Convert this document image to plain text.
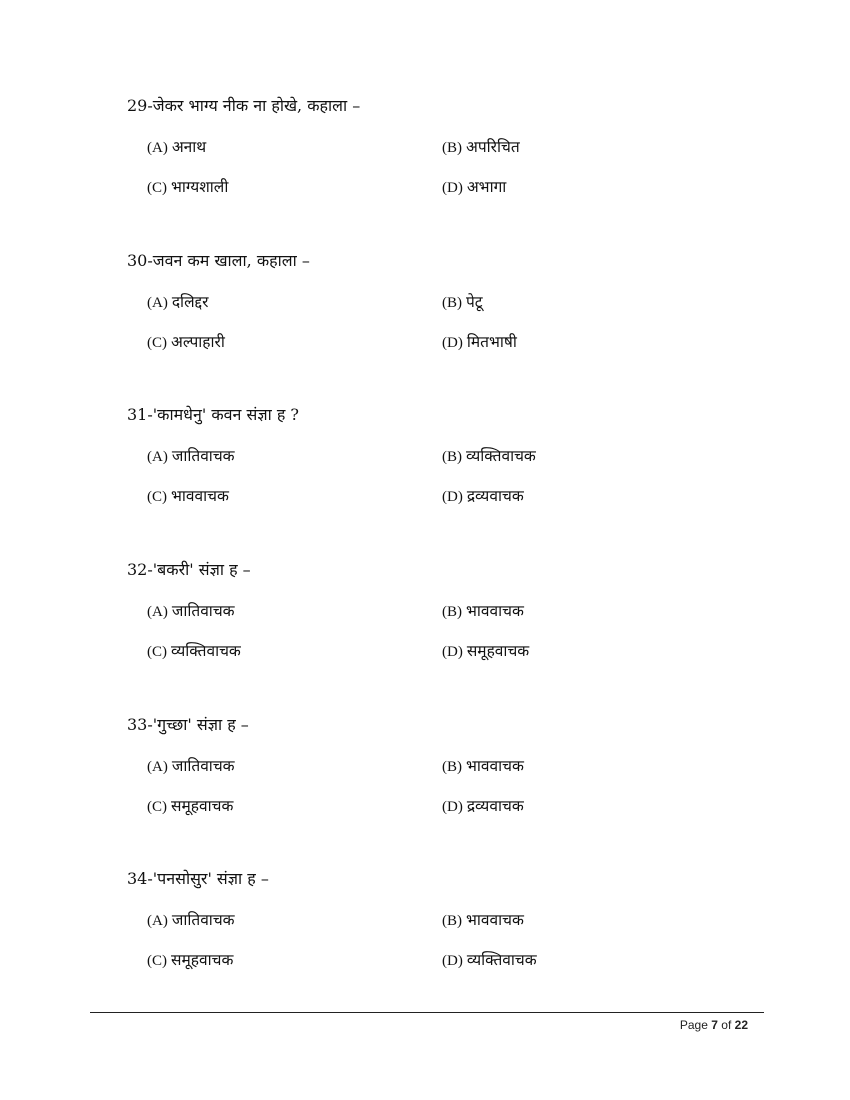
29-जेकर भाग्य नीक ना होखे, कहाला –
(A) अनाथ	(B) अपरिचित
(C) भाग्यशाली	(D) अभागा
30-जवन कम खाला, कहाला –
(A) दलिद्दर	(B) पेटू
(C) अल्पाहारी	(D) मितभाषी
31-'कामधेनु' कवन संज्ञा ह ?
(A) जातिवाचक	(B) व्यक्तिवाचक
(C) भाववाचक	(D) द्रव्यवाचक
32-'बकरी' संज्ञा ह –
(A) जातिवाचक	(B) भाववाचक
(C) व्यक्तिवाचक	(D) समूहवाचक
33-'गुच्छा' संज्ञा ह –
(A) जातिवाचक	(B) भाववाचक
(C) समूहवाचक	(D) द्रव्यवाचक
34-'पनसोसुर' संज्ञा ह –
(A) जातिवाचक	(B) भाववाचक
(C) समूहवाचक	(D) व्यक्तिवाचक
Page 7 of 22
